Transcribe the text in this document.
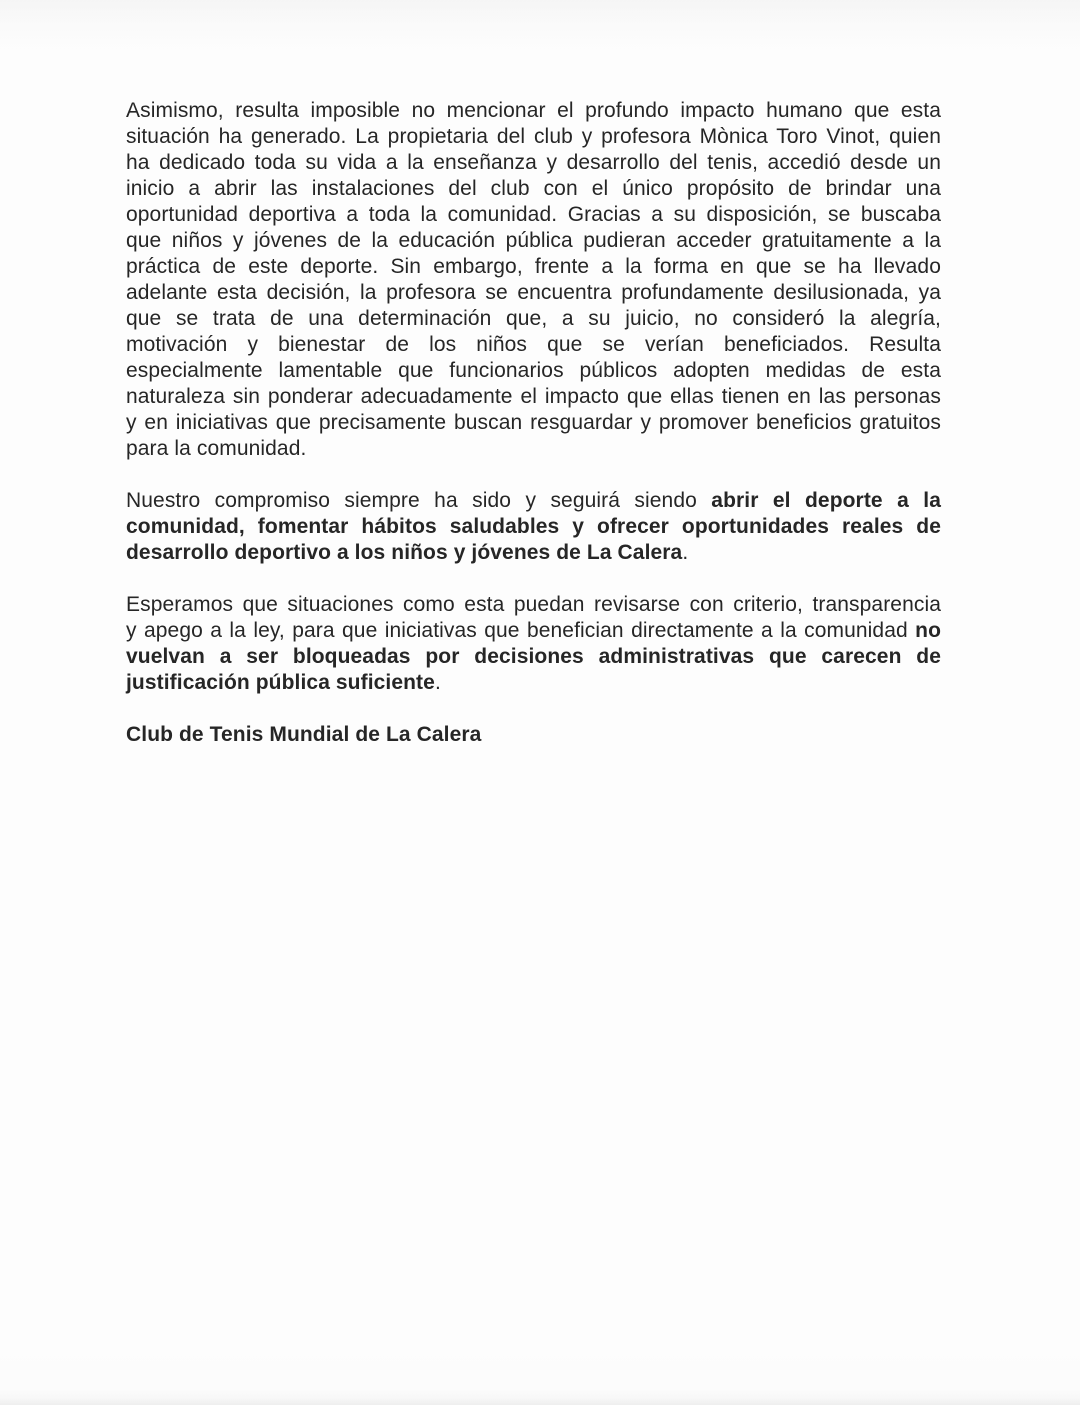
Asimismo, resulta imposible no mencionar el profundo impacto humano que esta
situación ha generado. La propietaria del club y profesora Mònica Toro Vinot, quien
ha dedicado toda su vida a la enseñanza y desarrollo del tenis, accedió desde un
inicio a abrir las instalaciones del club con el único propósito de brindar una
oportunidad deportiva a toda la comunidad. Gracias a su disposición, se buscaba
que niños y jóvenes de la educación pública pudieran acceder gratuitamente a la
práctica de este deporte. Sin embargo, frente a la forma en que se ha llevado
adelante esta decisión, la profesora se encuentra profundamente desilusionada, ya
que se trata de una determinación que, a su juicio, no consideró la alegría,
motivación y bienestar de los niños que se verían beneficiados. Resulta
especialmente lamentable que funcionarios públicos adopten medidas de esta
naturaleza sin ponderar adecuadamente el impacto que ellas tienen en las personas
y en iniciativas que precisamente buscan resguardar y promover beneficios gratuitos
para la comunidad.
Nuestro compromiso siempre ha sido y seguirá siendo abrir el deporte a la
comunidad, fomentar hábitos saludables y ofrecer oportunidades reales de
desarrollo deportivo a los niños y jóvenes de La Calera.
Esperamos que situaciones como esta puedan revisarse con criterio, transparencia
y apego a la ley, para que iniciativas que benefician directamente a la comunidad no
vuelvan a ser bloqueadas por decisiones administrativas que carecen de
justificación pública suficiente.
Club de Tenis Mundial de La Calera
